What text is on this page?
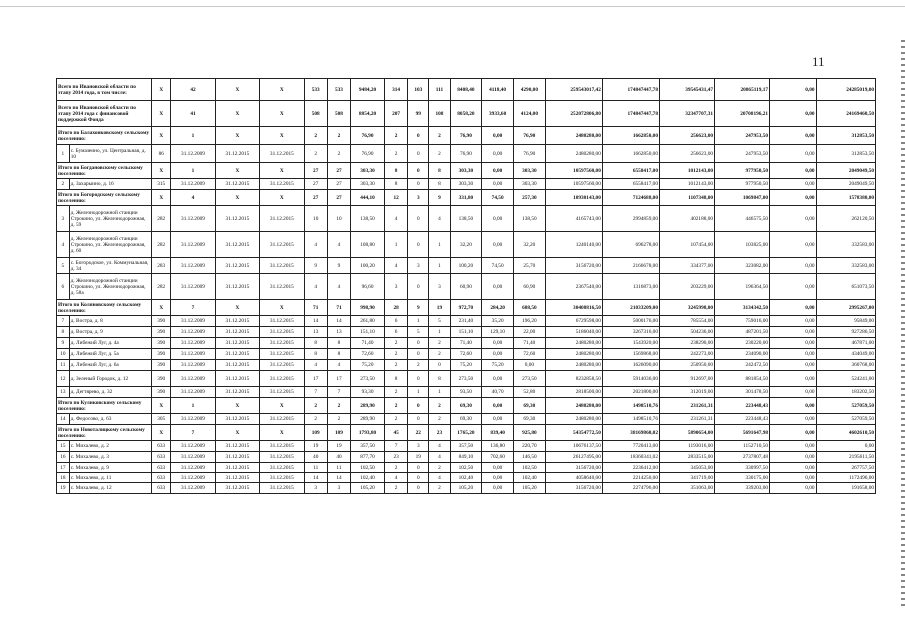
11
Всего по Ивановской области по этапу 2014 года, в том числе:		Х	42	Х	Х	533	533	9484,20	314	103	111	8408,40	4118,40	4290,00	259543017,42	174847447,78	39545431,47	20865119,17	0,00	24285019,00
Всего по Ивановской области по этапу 2014 года с финансовой поддержкой Фонда		Х	41	Х	Х	508	508	8854,20	207	99	108	8058,20	3933,60	4124,00	252072806,80	174847447,78	32347707,31	20708196,21	0,00	24169460,50
Итого по Балахонковскому сельскому поселению:		Х	1	Х	Х	2	2	76,90	2	0	2	76,90	0,00	76,90	2480280,00	1662850,00	256623,00	247953,50	0,00	312853,50
1	с. Бумазеино, ул. Центральная, д. 10	86	31.12.2009	31.12.2015	31.12.2015	2	2	76,90	2	0	2	76,90	0,00	76,90	2480280,00	1662850,00	256623,00	247953,50	0,00	312853,50
Итого по Богдановскому сельскому поселению:		Х	1	Х	Х	27	27	303,30	8	0	8	303,30	0,00	303,30	10597560,00	6558417,00	1012143,00	977950,50	0,00	2049049,50
2	д. Захарыино, д. 16	315	31.12.2009	31.12.2015	31.12.2015	27	27	303,30	8	0	8	303,30	0,00	303,30	10597560,00	6558417,00	1012143,00	977950,50	0,00	2049049,50
Итого по Богородскому сельскому поселению:		Х	4	Х	Х	27	27	444,10	12	3	9	331,80	74,50	257,30	10930143,00	7124688,00	1107348,00	1069847,00	0,00	1578380,00
3	д. Железнодорожной станции Строкино, ул. Железнодорожная, д. 59	282	31.12.2009	31.12.2015	31.12.2015	10	10	138,50	4	0	4	138,50	0,00	138,50	4165743,00	2994859,00	402188,00	446575,50	0,00	262120,50
4	д. Железнодорожной станции Строкино, ул. Железнодорожная, д. 60	282	31.12.2009	31.12.2015	31.12.2015	4	4	108,80	1	0	1	32,20	0,00	32,20	1240140,00	696278,00	107454,00	103825,00	0,00	332583,00
5	с. Богородское, ул. Коммунальная, д. 34	283	31.12.2009	31.12.2015	31.12.2015	9	9	100,20	4	3	1	100,20	74,50	25,70	3156720,00	2166678,00	334377,00	323082,00	0,00	332583,00
6	д. Железнодорожной станции Строкино, ул. Железнодорожная, д. 58а	282	31.12.2009	31.12.2015	31.12.2015	4	4	96,60	3	0	3	60,90	0,00	60,90	2367540,00	1316873,00	203229,00	196364,50	0,00	651073,50
Итого по Коляновскому сельскому поселению:		Х	7	Х	Х	71	71	998,90	28	9	19	972,70	284,20	688,50	30408816,50	21033209,00	3245998,00	3134342,50	0,00	2995267,00
7	д. Востра, д. 8	390	31.12.2009	31.12.2015	31.12.2015	14	14	261,80	6	1	5	231,40	35,20	196,20	6729598,00	5000176,00	785554,00	759016,00	0,00	95849,00
8	д. Востра, д. 9	390	31.12.2009	31.12.2015	31.12.2015	13	13	151,10	6	5	1	151,10	129,10	22,00	5186040,00	3267316,00	504236,00	487201,50	0,00	927286,50
9	д. Либежий Луг, д. 4а	390	31.12.2009	31.12.2015	31.12.2015	8	8	71,40	2	0	2	71,40	0,00	71,40	2480280,00	1543920,00	238290,00	230220,00	0,00	467871,00
10	д. Либежий Луг, д. 5а	390	31.12.2009	31.12.2015	31.12.2015	8	8	72,60	2	0	2	72,60	0,00	72,60	2480280,00	1569868,00	242273,00	234090,00	0,00	434049,00
11	д. Либежий Луг, д. 6а	390	31.12.2009	31.12.2015	31.12.2015	4	4	75,20	2	2	0	75,20	75,20	0,00	2480280,00	1626090,00	250950,00	242472,50	0,00	360768,00
12	д. Зеленый Городок, д. 12	390	31.12.2009	31.12.2015	31.12.2015	17	17	273,50	8	0	8	273,50	0,00	273,50	8232858,50	5914036,00	912697,00	881854,50	0,00	524241,00
13	д. Дегтярево, д. 32	390	31.12.2009	31.12.2015	31.12.2015	7	7	93,30	2	1	1	93,50	40,70	52,80	2818500,00	2021800,00	312019,00	301478,50	0,00	183202,50
Итого по Куликовскому сельскому поселению:		Х	1	Х	Х	2	2	289,90	2	0	2	69,30	0,00	69,30	2480280,00	1498510,76	231261,31	223448,43	0,00	527059,50
14	д. Федосово, д. 63	305	31.12.2009	31.12.2015	31.12.2015	2	2	289,90	2	0	2	69,30	0,00	69,30	2480280,00	1498510,76	231261,31	223448,43	0,00	527059,50
Итого по Новоталицкому сельскому поселению:		Х	7	Х	Х	109	109	1793,80	45	22	23	1765,20	839,40	925,80	54354772,50	38169860,02	5890654,00	5691647,98	0,00	4602610,50
15	с. Михалево, д. 2	633	31.12.2009	31.12.2015	31.12.2015	19	19	357,50	7	3	4	357,50	136,80	220,70	10676137,50	7720413,00	1193016,00	1152710,50	0,00	0,00
16	с. Михалево, д. 3	633	31.12.2009	31.12.2015	31.12.2015	40	40	877,70	23	19	4	849,10	702,60	146,50	26127495,00	18360341,02	2833515,00	2737807,48	0,00	2195611,50
17	с. Михалево, д. 9	633	31.12.2009	31.12.2015	31.12.2015	11	11	102,50	2	0	2	102,50	0,00	102,50	3156720,00	2236412,00	345053,00	330997,50	0,00	267757,50
18	с. Михалево, д. 11	633	31.12.2009	31.12.2015	31.12.2015	14	14	102,40	4	0	4	102,40	0,00	102,40	4058640,00	2214250,00	341719,00	330175,00	0,00	1172496,00
19	с. Михалево, д. 12	633	31.12.2009	31.12.2015	31.12.2015	3	3	105,20	2	0	2	105,20	0,00	105,20	3156720,00	2274796,00	351063,00	339203,00	0,00	191658,00
